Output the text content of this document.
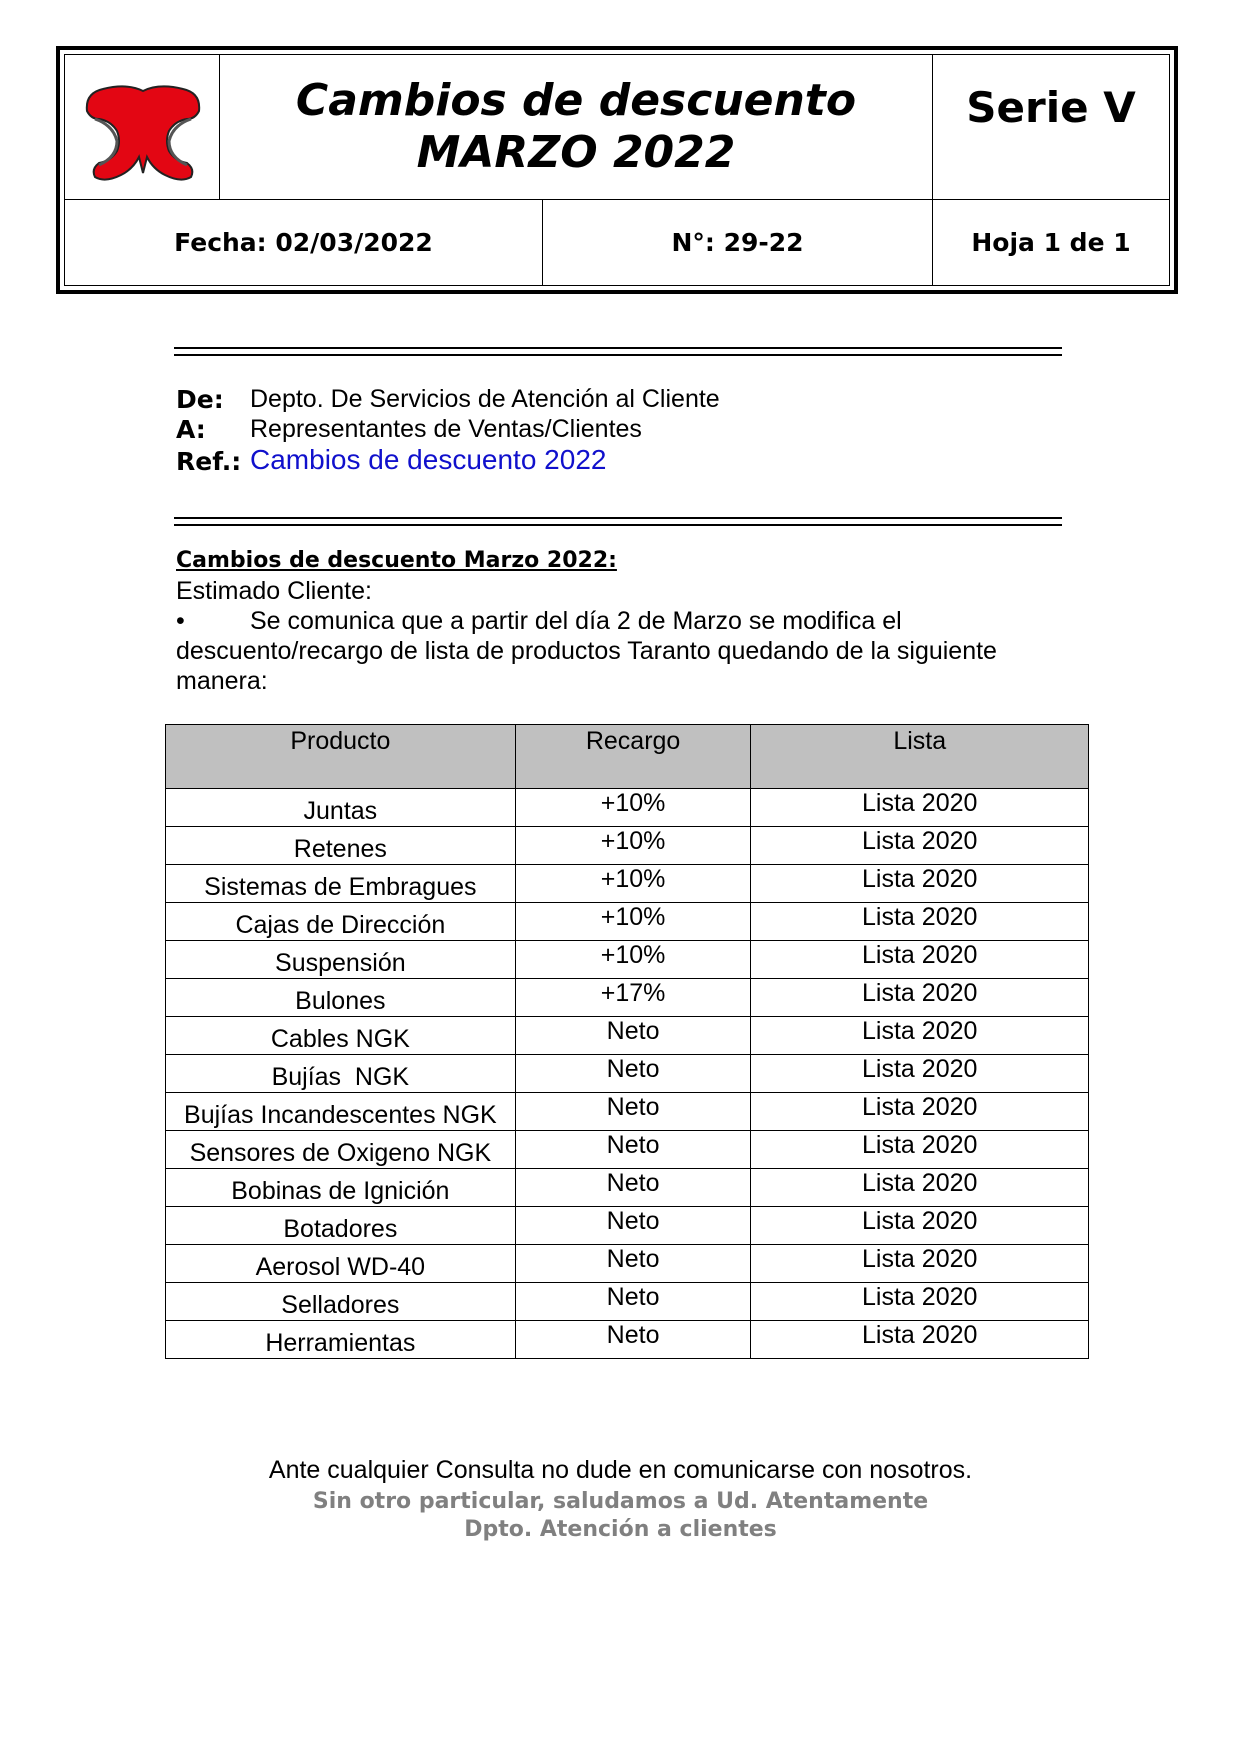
Cambios de descuento
MARZO 2022
Serie V
Fecha: 02/03/2022	N°: 29-22	Hoja 1 de 1
De: Depto. De Servicios de Atención al Cliente
A: Representantes de Ventas/Clientes
Ref.: Cambios de descuento 2022
Cambios de descuento Marzo 2022:
Estimado Cliente:
•	Se comunica que a partir del día 2 de Marzo se modifica el
descuento/recargo de lista de productos Taranto quedando de la siguiente
manera:
Producto	Recargo	Lista
Juntas	+10%	Lista 2020
Retenes	+10%	Lista 2020
Sistemas de Embragues	+10%	Lista 2020
Cajas de Dirección	+10%	Lista 2020
Suspensión	+10%	Lista 2020
Bulones	+17%	Lista 2020
Cables NGK	Neto	Lista 2020
Bujías  NGK	Neto	Lista 2020
Bujías Incandescentes NGK	Neto	Lista 2020
Sensores de Oxigeno NGK	Neto	Lista 2020
Bobinas de Ignición	Neto	Lista 2020
Botadores	Neto	Lista 2020
Aerosol WD-40	Neto	Lista 2020
Selladores	Neto	Lista 2020
Herramientas	Neto	Lista 2020
Ante cualquier Consulta no dude en comunicarse con nosotros.
Sin otro particular, saludamos a Ud. Atentamente
Dpto. Atención a clientes
